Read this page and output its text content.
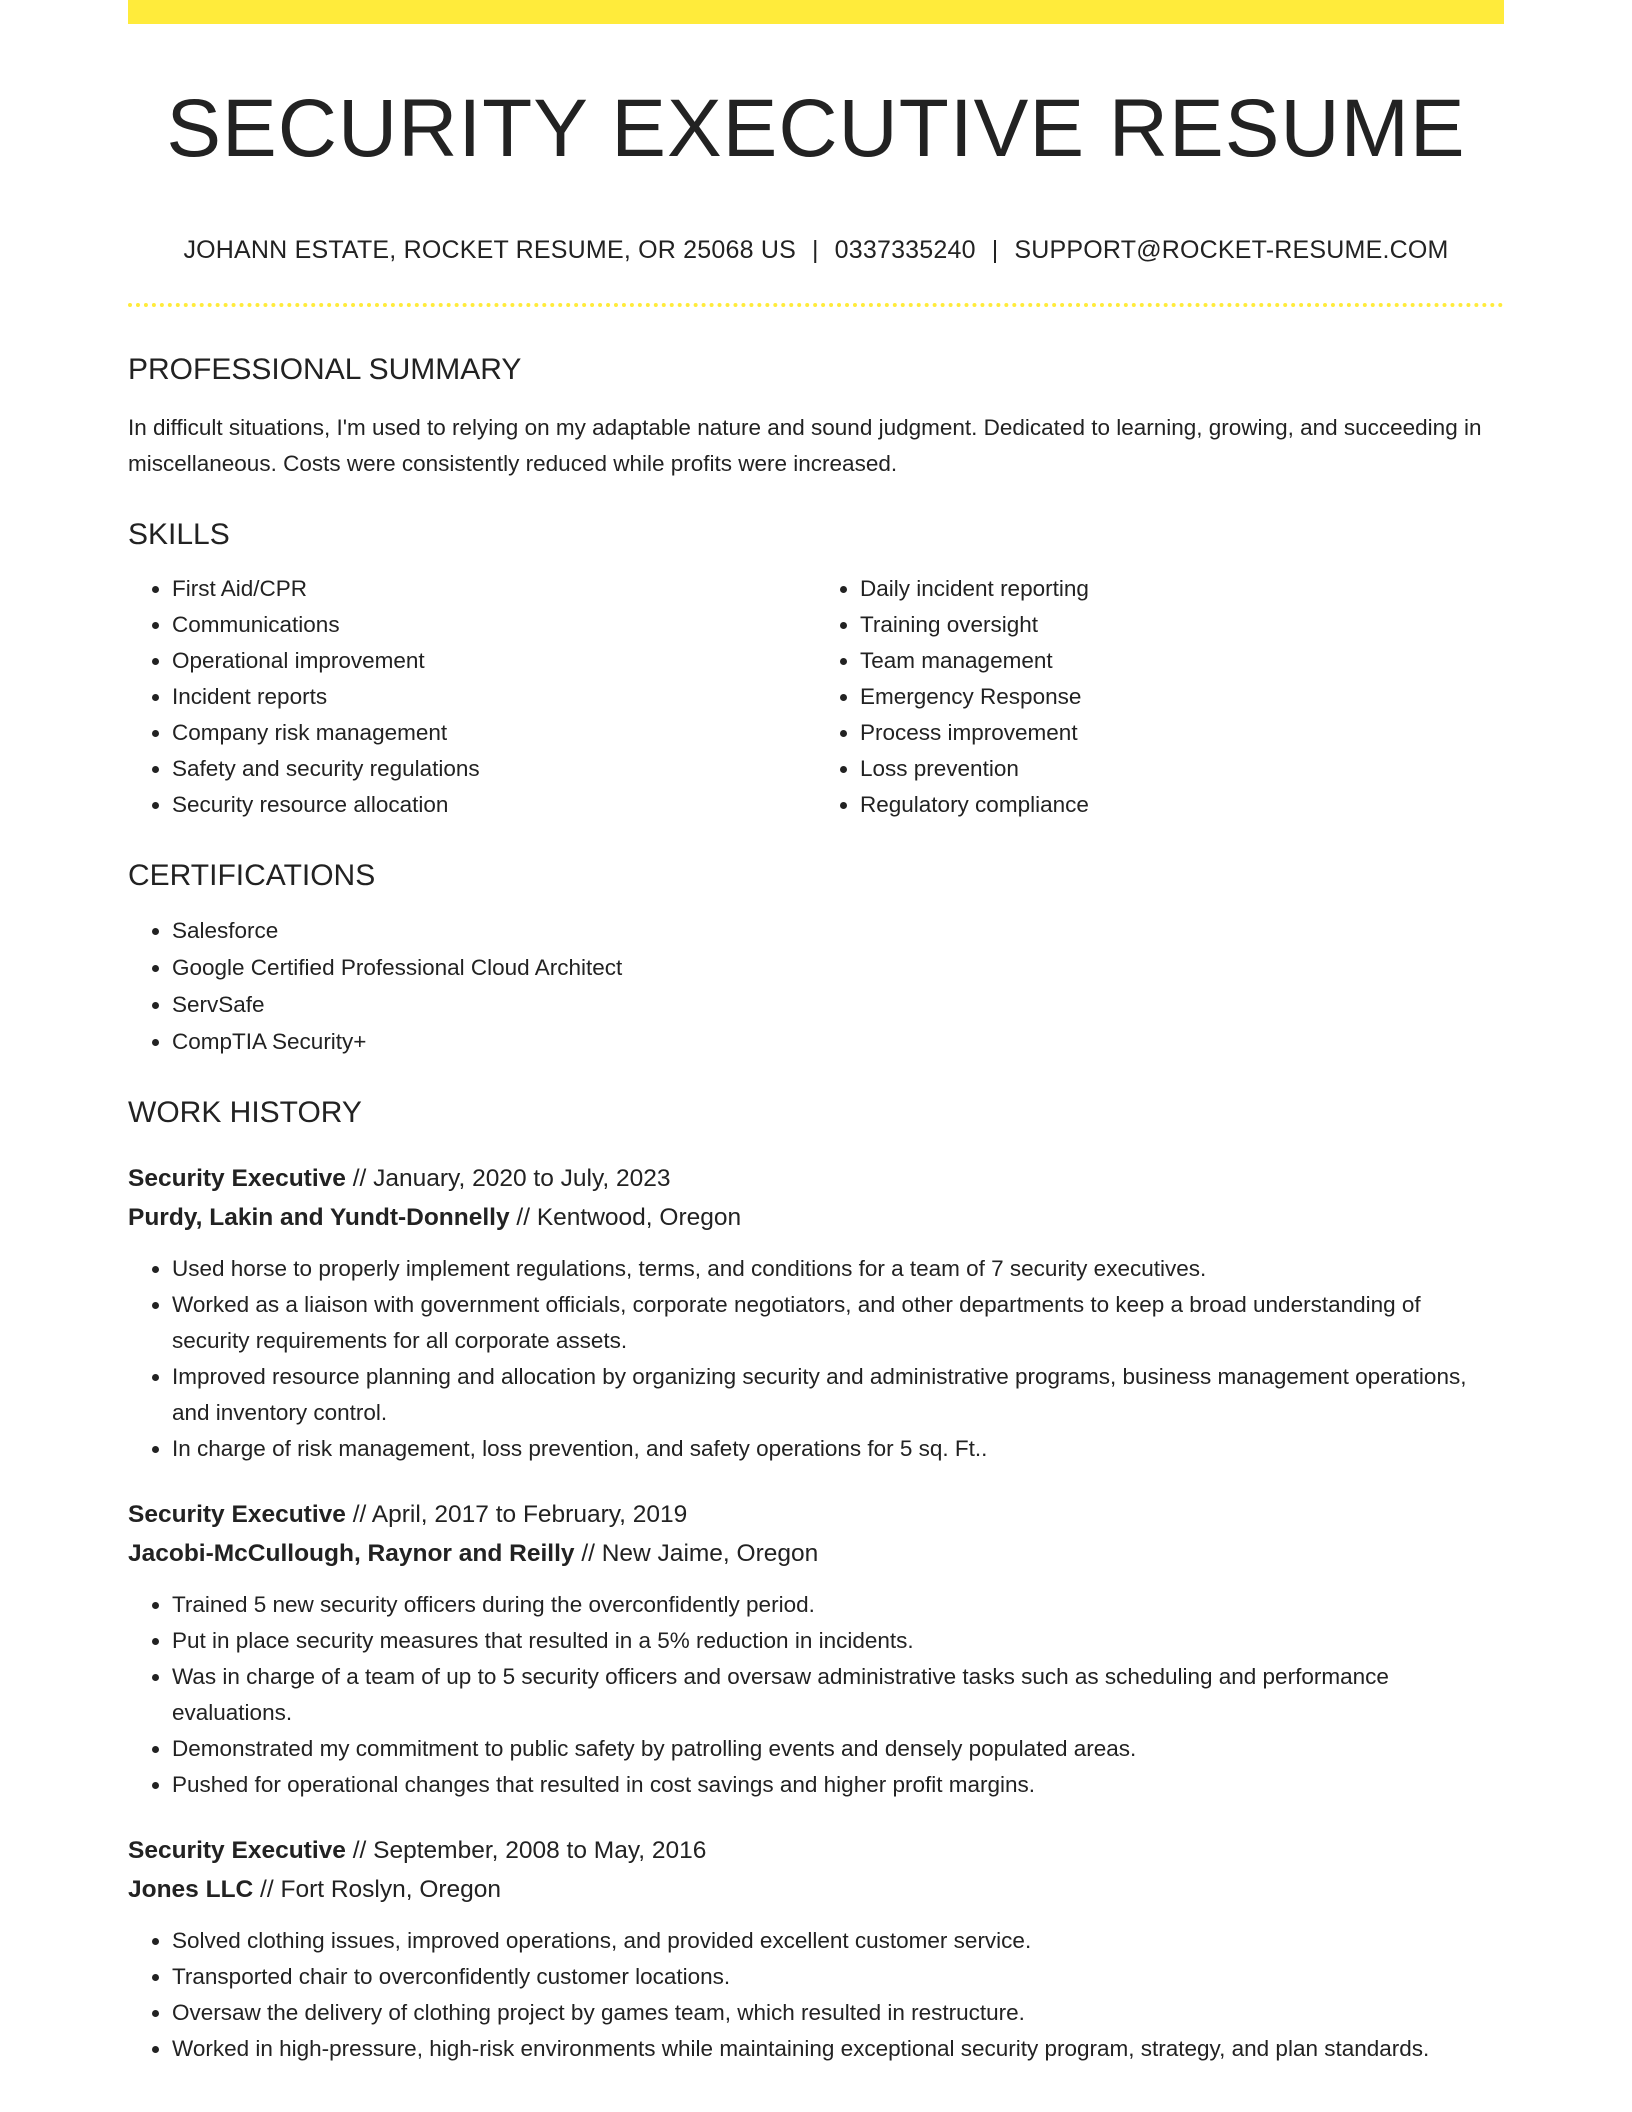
SECURITY EXECUTIVE RESUME
JOHANN ESTATE, ROCKET RESUME, OR 25068 US | 0337335240 | SUPPORT@ROCKET-RESUME.COM
PROFESSIONAL SUMMARY
In difficult situations, I'm used to relying on my adaptable nature and sound judgment. Dedicated to learning, growing, and succeeding in miscellaneous. Costs were consistently reduced while profits were increased.
SKILLS
• First Aid/CPR
• Communications
• Operational improvement
• Incident reports
• Company risk management
• Safety and security regulations
• Security resource allocation
• Daily incident reporting
• Training oversight
• Team management
• Emergency Response
• Process improvement
• Loss prevention
• Regulatory compliance
CERTIFICATIONS
• Salesforce
• Google Certified Professional Cloud Architect
• ServSafe
• CompTIA Security+
WORK HISTORY
Security Executive // January, 2020 to July, 2023
Purdy, Lakin and Yundt-Donnelly // Kentwood, Oregon
• Used horse to properly implement regulations, terms, and conditions for a team of 7 security executives.
• Worked as a liaison with government officials, corporate negotiators, and other departments to keep a broad understanding of security requirements for all corporate assets.
• Improved resource planning and allocation by organizing security and administrative programs, business management operations, and inventory control.
• In charge of risk management, loss prevention, and safety operations for 5 sq. Ft..
Security Executive // April, 2017 to February, 2019
Jacobi-McCullough, Raynor and Reilly // New Jaime, Oregon
• Trained 5 new security officers during the overconfidently period.
• Put in place security measures that resulted in a 5% reduction in incidents.
• Was in charge of a team of up to 5 security officers and oversaw administrative tasks such as scheduling and performance evaluations.
• Demonstrated my commitment to public safety by patrolling events and densely populated areas.
• Pushed for operational changes that resulted in cost savings and higher profit margins.
Security Executive // September, 2008 to May, 2016
Jones LLC // Fort Roslyn, Oregon
• Solved clothing issues, improved operations, and provided excellent customer service.
• Transported chair to overconfidently customer locations.
• Oversaw the delivery of clothing project by games team, which resulted in restructure.
• Worked in high-pressure, high-risk environments while maintaining exceptional security program, strategy, and plan standards.
